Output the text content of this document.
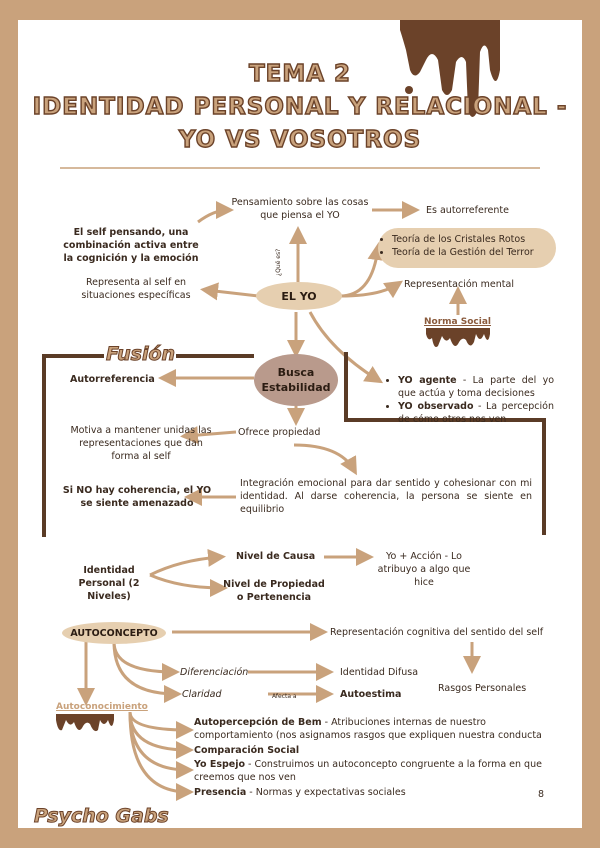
TEMA 2
IDENTIDAD PERSONAL Y RELACIONAL -
YO VS VOSOTROS
Pensamiento sobre las cosas que piensa el YO	Es autorreferente
El self pensando, una combinación activa entre la cognición y la emoción
Representa al self en situaciones específicas
¿Qué es?
EL YO
• Teoría de los Cristales Rotos
• Teoría de la Gestión del Terror
Representación mental
Norma Social
Fusión
Autorreferencia
Busca Estabilidad
Motiva a mantener unidas las representaciones que dan forma al self
Ofrece propiedad
Integración emocional para dar sentido y cohesionar con mi identidad. Al darse coherencia, la persona se siente en equilibrio
Si NO hay coherencia, el YO se siente amenazado
• YO agente - La parte del yo que actúa y toma decisiones
• YO observado - La percepción de cómo otros nos ven
Identidad Personal (2 Niveles)
Nivel de Causa	Yo + Acción - Lo atribuyo a algo que hice
Nivel de Propiedad o Pertenencia
AUTOCONCEPTO	Representación cognitiva del sentido del self
Diferenciación	Identidad Difusa
Rasgos Personales
Claridad	Afecta a	Autoestima
Autoconocimiento
Autopercepción de Bem - Atribuciones internas de nuestro comportamiento (nos asignamos rasgos que expliquen nuestra conducta
Comparación Social
Yo Espejo - Construimos un autoconcepto congruente a la forma en que creemos que nos ven
Presencia - Normas y expectativas sociales
Psycho Gabs
8
